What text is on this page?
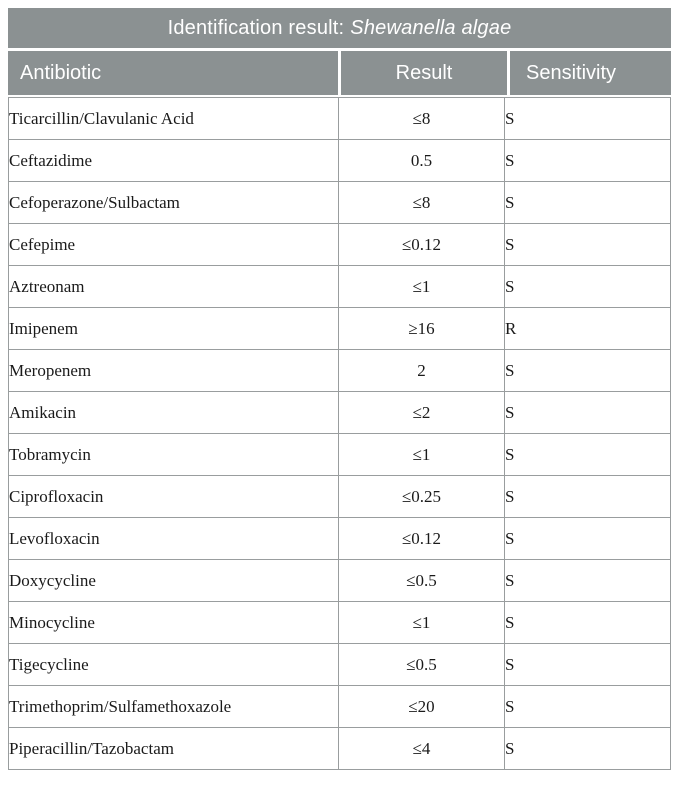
Identification result: Shewanella algae
Antibiotic	Result	Sensitivity
Ticarcillin/Clavulanic Acid	≤8	S
Ceftazidime	0.5	S
Cefoperazone/Sulbactam	≤8	S
Cefepime	≤0.12	S
Aztreonam	≤1	S
Imipenem	≥16	R
Meropenem	2	S
Amikacin	≤2	S
Tobramycin	≤1	S
Ciprofloxacin	≤0.25	S
Levofloxacin	≤0.12	S
Doxycycline	≤0.5	S
Minocycline	≤1	S
Tigecycline	≤0.5	S
Trimethoprim/Sulfamethoxazole	≤20	S
Piperacillin/Tazobactam	≤4	S
